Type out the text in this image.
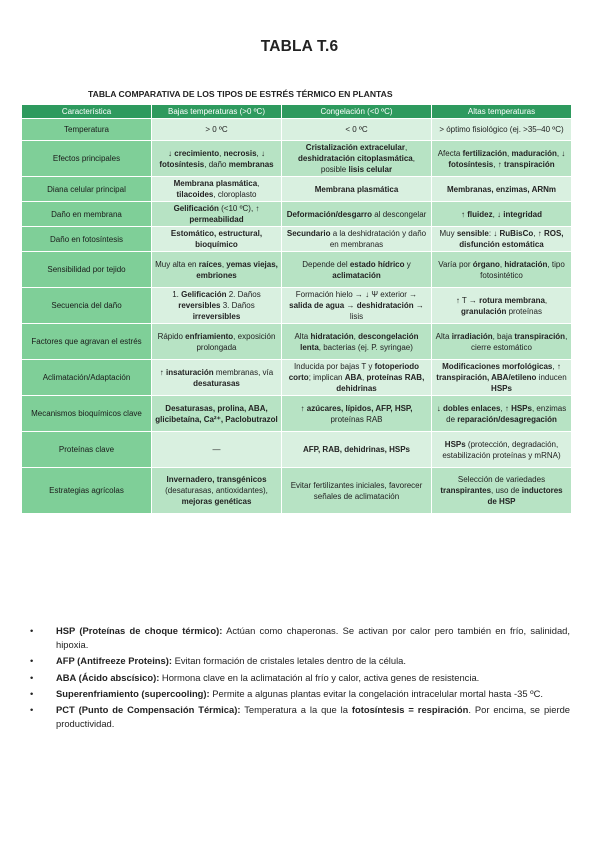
TABLA T.6
TABLA COMPARATIVA DE LOS TIPOS DE ESTRÉS TÉRMICO EN PLANTAS
Característica	Bajas temperaturas (>0 ºC)	Congelación (<0 ºC)	Altas temperaturas
Temperatura	> 0 ºC	< 0 ºC	> óptimo fisiológico (ej. >35–40 ºC)
Efectos principales	↓ crecimiento, necrosis, ↓ fotosíntesis, daño membranas	Cristalización extracelular, deshidratación citoplasmática, posible lisis celular	Afecta fertilización, maduración, ↓ fotosíntesis, ↑ transpiración
Diana celular principal	Membrana plasmática, tilacoides, cloroplasto	Membrana plasmática	Membranas, enzimas, ARNm
Daño en membrana	Gelificación (<10 ºC), ↑ permeabilidad	Deformación/desgarro al descongelar	↑ fluidez, ↓ integridad
Daño en fotosíntesis	Estomático, estructural, bioquímico	Secundario a la deshidratación y daño en membranas	Muy sensible: ↓ RuBisCo, ↑ ROS, disfunción estomática
Sensibilidad por tejido	Muy alta en raíces, yemas viejas, embriones	Depende del estado hídrico y aclimatación	Varía por órgano, hidratación, tipo fotosintético
Secuencia del daño	1. Gelificación 2. Daños reversibles 3. Daños irreversibles	Formación hielo → ↓ Ψ exterior → salida de agua → deshidratación → lisis	↑ T → rotura membrana, granulación proteínas
Factores que agravan el estrés	Rápido enfriamiento, exposición prolongada	Alta hidratación, descongelación lenta, bacterias (ej. P. syringae)	Alta irradiación, baja transpiración, cierre estomático
Aclimatación/Adaptación	↑ insaturación membranas, vía desaturasas	Inducida por bajas T y fotoperiodo corto; implican ABA, proteínas RAB, dehidrinas	Modificaciones morfológicas, ↑ transpiración, ABA/etileno inducen HSPs
Mecanismos bioquímicos clave	Desaturasas, prolina, ABA, glicibetaína, Ca²⁺, Paclobutrazol	↑ azúcares, lípidos, AFP, HSP, proteínas RAB	↓ dobles enlaces, ↑ HSPs, enzimas de reparación/desagregación
Proteínas clave	—	AFP, RAB, dehidrinas, HSPs	HSPs (protección, degradación, estabilización proteínas y mRNA)
Estrategias agrícolas	Invernadero, transgénicos (desaturasas, antioxidantes), mejoras genéticas	Evitar fertilizantes iniciales, favorecer señales de aclimatación	Selección de variedades transpirantes, uso de inductores de HSP
• HSP (Proteínas de choque térmico): Actúan como chaperonas. Se activan por calor pero también en frío, salinidad, hipoxia.
• AFP (Antifreeze Proteins): Evitan formación de cristales letales dentro de la célula.
• ABA (Ácido abscísico): Hormona clave en la aclimatación al frío y calor, activa genes de resistencia.
• Superenfriamiento (supercooling): Permite a algunas plantas evitar la congelación intracelular mortal hasta -35 ºC.
• PCT (Punto de Compensación Térmica): Temperatura a la que la fotosíntesis = respiración. Por encima, se pierde productividad.
